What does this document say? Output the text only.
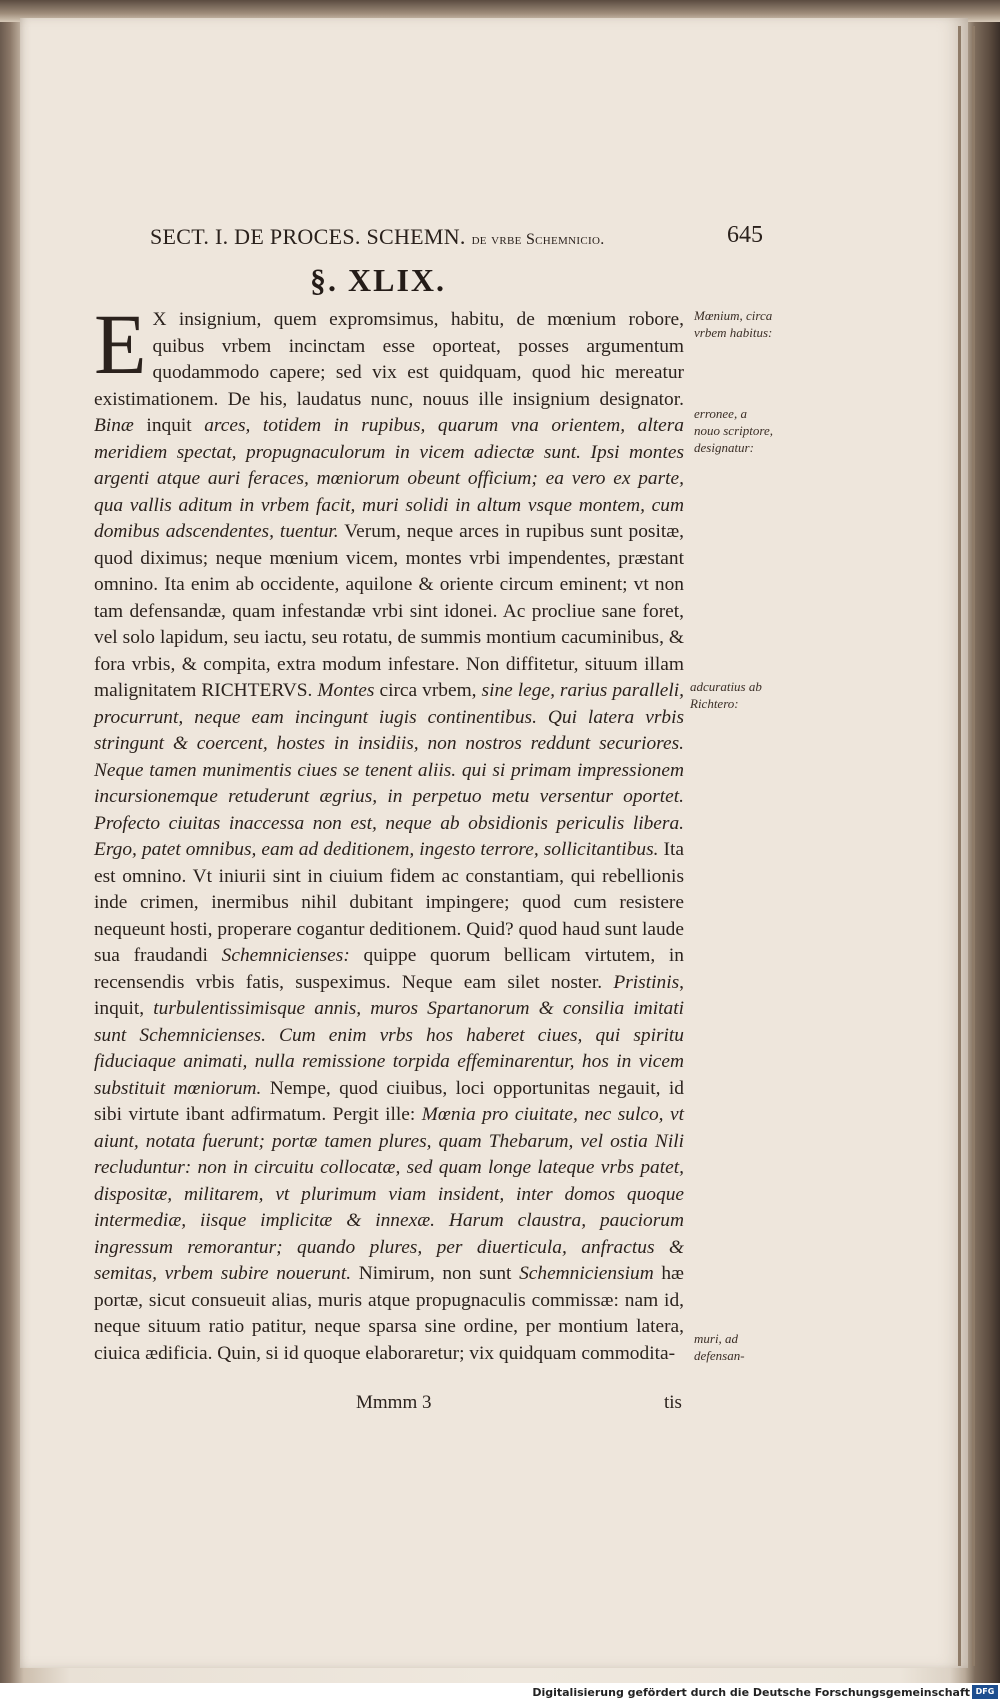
SECT. I. DE PROCES. SCHEMN. de vrbe Schemnicio.	645
§. XLIX.

E X insignium, quem expromsimus, habitu, de mœnium robore, quibus vrbem incinctam esse oporteat, posses argumentum quodammodo capere; sed vix est quidquam, quod hic mereatur existimationem. De his, laudatus nunc, nouus ille insignium designator. Binæ inquit arces, totidem in rupibus, quarum vna orientem, altera meridiem spectat, propugnaculorum in vicem adiectæ sunt. Ipsi montes argenti atque auri feraces, mœniorum obeunt officium; ea vero ex parte, qua vallis aditum in vrbem facit, muri solidi in altum vsque montem, cum domibus adscendentes, tuentur. Verum, neque arces in rupibus sunt positæ, quod diximus; neque mœnium vicem, montes vrbi impendentes, præstant omnino. Ita enim ab occidente, aquilone & oriente circum eminent; vt non tam defensandæ, quam infestandæ vrbi sint idonei. Ac procliue sane foret, vel solo lapidum, seu iactu, seu rotatu, de summis montium cacuminibus, & fora vrbis, & compita, extra modum infestare. Non diffitetur, situum illam malignitatem RICHTERVS. Montes circa vrbem, sine lege, rarius paralleli, procurrunt, neque eam incingunt iugis continentibus. Qui latera vrbis stringunt & coercent, hostes in insidiis, non nostros reddunt securiores. Neque tamen munimentis ciues se tenent aliis. qui si primam impressionem incursionemque retuderunt ægrius, in perpetuo metu versentur oportet. Profecto ciuitas inaccessa non est, neque ab obsidionis periculis libera. Ergo, patet omnibus, eam ad deditionem, ingesto terrore, sollicitantibus. Ita est omnino. Vt iniurii sint in ciuium fidem ac constantiam, qui rebellionis inde crimen, inermibus nihil dubitant impingere; quod cum resistere nequeunt hosti, properare cogantur deditionem. Quid? quod haud sunt laude sua fraudandi Schemnicienses: quippe quorum bellicam virtutem, in recensendis vrbis fatis, suspeximus. Neque eam silet noster. Pristinis, inquit, turbulentissimisque annis, muros Spartanorum & consilia imitati sunt Schemnicienses. Cum enim vrbs hos haberet ciues, qui spiritu fiduciaque animati, nulla remissione torpida effeminarentur, hos in vicem substituit mœniorum. Nempe, quod ciuibus, loci opportunitas negauit, id sibi virtute ibant adfirmatum. Pergit ille: Mœnia pro ciuitate, nec sulco, vt aiunt, notata fuerunt; portæ tamen plures, quam Thebarum, vel ostia Nili recluduntur: non in circuitu collocatæ, sed quam longe lateque vrbs patet, dispositæ, militarem, vt plurimum viam insident, inter domos quoque intermediæ, iisque implicitæ & innexæ. Harum claustra, pauciorum ingressum remorantur; quando plures, per diuerticula, anfractus & semitas, vrbem subire nouerunt. Nimirum, non sunt Schemniciensium hæ portæ, sicut consueuit alias, muris atque propugnaculis commissæ: nam id, neque situum ratio patitur, neque sparsa sine ordine, per montium latera, ciuica ædificia. Quin, si id quoque elaboraretur; vix quidquam commodita-

Mœnium, circa vrbem habitus:
erronee, a nouo scriptore, designatur:
adcuratius ab Richtero:
muri, ad defensan-
Mmmm 3	tis
Digitalisierung gefördert durch die Deutsche Forschungsgemeinschaft DFG
